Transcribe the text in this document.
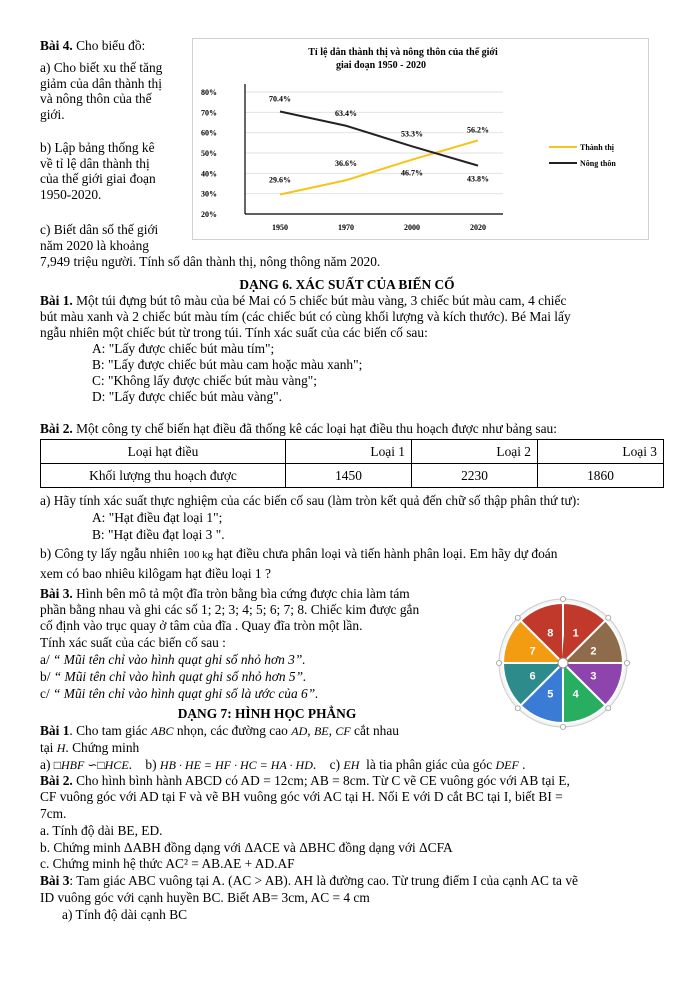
Bài 4. Cho biểu đồ:
a) Cho biết xu thế tăng
giảm của dân thành thị
và nông thôn của thế
giới.
b) Lập bảng thống kê
về tỉ lệ dân thành thị
của thế giới giai đoạn
1950-2020.
c) Biết dân số thế giới
năm 2020 là khoảng
7,949 triệu người. Tính số dân thành thị, nông thông năm 2020.
Tỉ lệ dân thành thị và nông thôn của thế giới
giai đoạn 1950 - 2020
20%
30%
40%
50%
60%
70%
80%
1950	1970	2000	2020
29.6%
36.6%
46.7%
56.2%
70.4%
63.4%
53.3%
43.8%
Thành thị
Nông thôn
DẠNG 6. XÁC SUẤT CỦA BIẾN CỐ
Bài 1. Một túi đựng bút tô màu của bé Mai có 5 chiếc bút màu vàng, 3 chiếc bút màu cam, 4 chiếc
bút màu xanh và 2 chiếc bút màu tím (các chiếc bút có cùng khối lượng và kích thước). Bé Mai lấy
ngẫu nhiên một chiếc bút từ trong túi. Tính xác suất của các biến cố sau:
A: "Lấy được chiếc bút màu tím";
B: "Lấy được chiếc bút màu cam hoặc màu xanh";
C: "Không lấy được chiếc bút màu vàng";
D: "Lấy được chiếc bút màu vàng".
Bài 2. Một công ty chế biến hạt điều đã thống kê các loại hạt điều thu hoạch được như bảng sau:
Loại hạt điều	Loại 1	Loại 2	Loại 3
Khối lượng thu hoạch được	1450	2230	1860
a) Hãy tính xác suất thực nghiệm của các biến cố sau (làm tròn kết quả đến chữ số thập phân thứ tư):
A: "Hạt điều đạt loại 1";
B: "Hạt điều đạt loại 3 ".
b) Công ty lấy ngẫu nhiên 100 kg hạt điều chưa phân loại và tiến hành phân loại. Em hãy dự đoán
xem có bao nhiêu kilôgam hạt điều loại 1 ?
Bài 3. Hình bên mô tả một đĩa tròn bằng bìa cứng được chia làm tám
phần bằng nhau và ghi các số 1; 2; 3; 4; 5; 6; 7; 8. Chiếc kim được gắn
cố định vào trục quay ở tâm của đĩa . Quay đĩa tròn một lần.
Tính xác suất của các biến cố sau :
a/ “ Mũi tên chỉ vào hình quạt ghi số nhỏ hơn 3”.
b/ “ Mũi tên chỉ vào hình quạt ghi số nhỏ hơn 5”.
c/ “ Mũi tên chỉ vào hình quạt ghi số là ước của 6”.
1
2
3
4
5
6
7
8
DẠNG 7: HÌNH HỌC PHẲNG
Bài 1. Cho tam giác ABC nhọn, các đường cao AD, BE, CF cắt nhau
tại H. Chứng minh
a) □HBF ∽□HCE.    b) HB · HE = HF · HC = HA · HD.    c) EH  là tia phân giác của góc DEF .
Bài 2. Cho hình bình hành ABCD có AD = 12cm; AB = 8cm. Từ C vẽ CE vuông góc với AB tại E,
CF vuông góc với AD tại F và vẽ BH vuông góc với AC tại H. Nối E với D cắt BC tại I, biết BI =
7cm.
a. Tính độ dài BE, ED.
b. Chứng minh ΔABH đồng dạng với ΔACE và ΔBHC đồng dạng với ΔCFA
c. Chứng minh hệ thức AC² = AB.AE + AD.AF
Bài 3: Tam giác ABC vuông tại A. (AC > AB). AH là đường cao. Từ trung điểm I của cạnh AC ta vẽ
ID vuông góc với cạnh huyền BC. Biết AB= 3cm, AC = 4 cm
a) Tính độ dài cạnh BC
